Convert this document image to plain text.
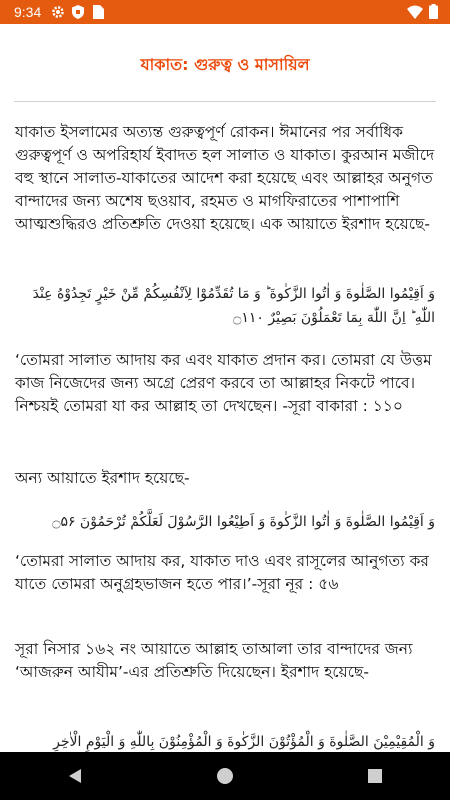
9:34
যাকাত: গুরুত্ব ও মাসায়িল

যাকাত ইসলামের অত্যন্ত গুরুত্বপূর্ণ রোকন। ঈমানের পর সর্বাধিক গুরুত্বপূর্ণ ও অপরিহার্য ইবাদত হল সালাত ও যাকাত। কুরআন মজীদে বহু স্থানে সালাত-যাকাতের আদেশ করা হয়েছে এবং আল্লাহর অনুগত বান্দাদের জন্য অশেষ ছওয়াব, রহমত ও মাগফিরাতের পাশাপাশি আত্মশুদ্ধিরও প্রতিশ্রুতি দেওয়া হয়েছে। এক আয়াতে ইরশাদ হয়েছে-

وَ اَقِيْمُوا الصَّلٰوةَ وَ اٰتُوا الزَّكٰوةَ ؕ وَ مَا تُقَدِّمُوْا لِاَنْفُسِكُمْ مِّنْ خَيْرٍ تَجِدُوْهُ عِنْدَ اللّٰهِ ؕ اِنَّ اللّٰهَ بِمَا تَعْمَلُوْنَ بَصِيْرٌ ۝۱۱۰

‘তোমরা সালাত আদায় কর এবং যাকাত প্রদান কর। তোমরা যে উত্তম কাজ নিজেদের জন্য অগ্রে প্রেরণ করবে তা আল্লাহর নিকটে পাবে। নিশ্চয়ই তোমরা যা কর আল্লাহ তা দেখছেন। -সূরা বাকারা : ১১০

অন্য আয়াতে ইরশাদ হয়েছে-

وَ اَقِيْمُوا الصَّلٰوةَ وَ اٰتُوا الزَّكٰوةَ وَ اَطِيْعُوا الرَّسُوْلَ لَعَلَّكُمْ تُرْحَمُوْنَ ۝۵۶

‘তোমরা সালাত আদায় কর, যাকাত দাও এবং রাসূলের আনুগত্য কর যাতে তোমরা অনুগ্রহভাজন হতে পার।’-সূরা নূর : ৫৬

সূরা নিসার ১৬২ নং আয়াতে আল্লাহ তাআলা তার বান্দাদের জন্য ‘আজরুন আযীম’-এর প্রতিশ্রুতি দিয়েছেন। ইরশাদ হয়েছে-

وَ الْمُقِيْمِيْنَ الصَّلٰوةَ وَ الْمُؤْتُوْنَ الزَّكٰوةَ وَ الْمُؤْمِنُوْنَ بِاللّٰهِ وَ الْيَوْمِ الْاٰخِرِ
